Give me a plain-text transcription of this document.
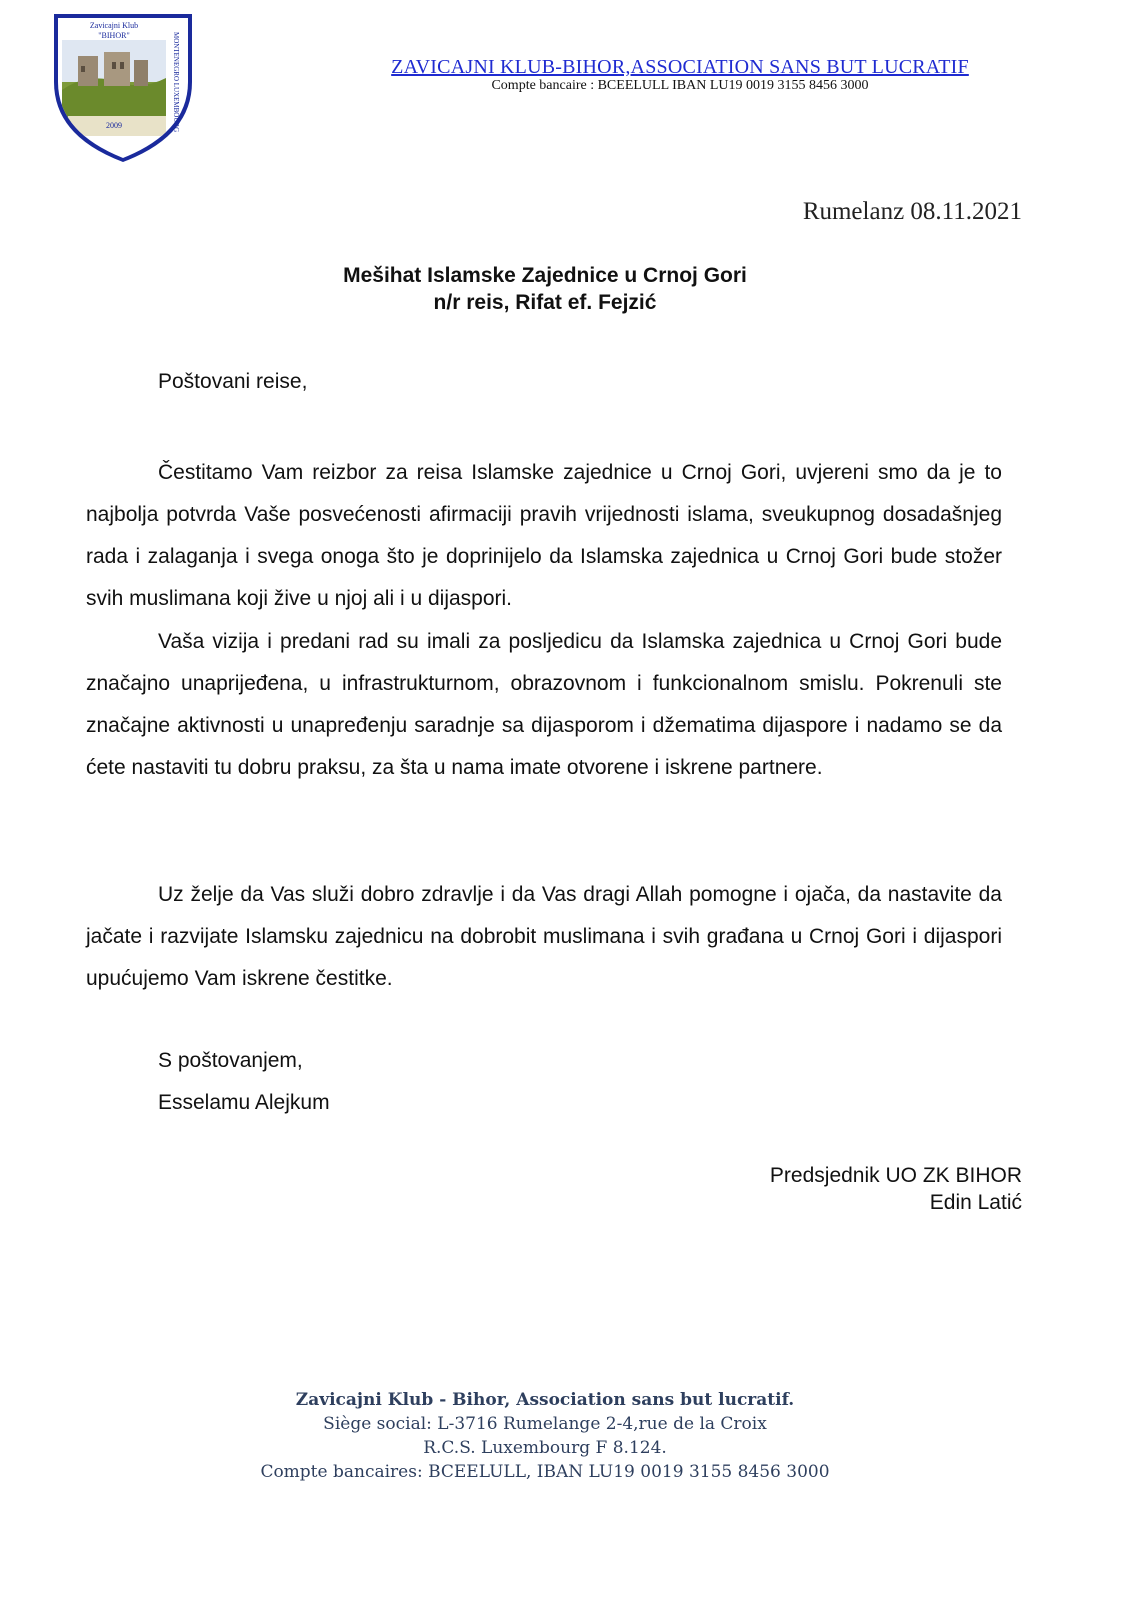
Zavicajni Klub
"BIHOR"
2009	MONTENEGRO LUXEMBOURG	ZAVICAJNI KLUB-BIHOR,ASSOCIATION SANS BUT LUCRATIF
Compte bancaire : BCEELULL IBAN LU19 0019 3155 8456 3000
Rumelanz 08.11.2021
Mešihat Islamske Zajednice u Crnoj Gori
n/r reis, Rifat ef. Fejzić
Poštovani reise,
Čestitamo Vam reizbor za reisa Islamske zajednice u Crnoj Gori, uvjereni smo da je to najbolja potvrda Vaše posvećenosti afirmaciji pravih vrijednosti islama, sveukupnog dosadašnjeg rada i zalaganja i svega onoga što je doprinijelo da Islamska zajednica u Crnoj Gori bude stožer svih muslimana koji žive u njoj ali i u dijaspori.
Vaša vizija i predani rad su imali za posljedicu da Islamska zajednica u Crnoj Gori bude značajno unaprijeđena, u infrastrukturnom, obrazovnom i funkcionalnom smislu. Pokrenuli ste značajne aktivnosti u unapređenju saradnje sa dijasporom i džematima dijaspore i nadamo se da ćete nastaviti tu dobru praksu, za šta u nama imate otvorene i iskrene partnere.
Uz želje da Vas služi dobro zdravlje i da Vas dragi Allah pomogne i ojača, da nastavite da jačate i razvijate Islamsku zajednicu na dobrobit muslimana i svih građana u Crnoj Gori i dijaspori upućujemo Vam iskrene čestitke.
S poštovanjem,
Esselamu Alejkum
Predsjednik UO ZK BIHOR
Edin Latić
Zavicajni Klub - Bihor, Association sans but lucratif.
Siège social: L-3716 Rumelange 2-4,rue de la Croix
R.C.S. Luxembourg F 8.124.
Compte bancaires: BCEELULL, IBAN LU19 0019 3155 8456 3000
